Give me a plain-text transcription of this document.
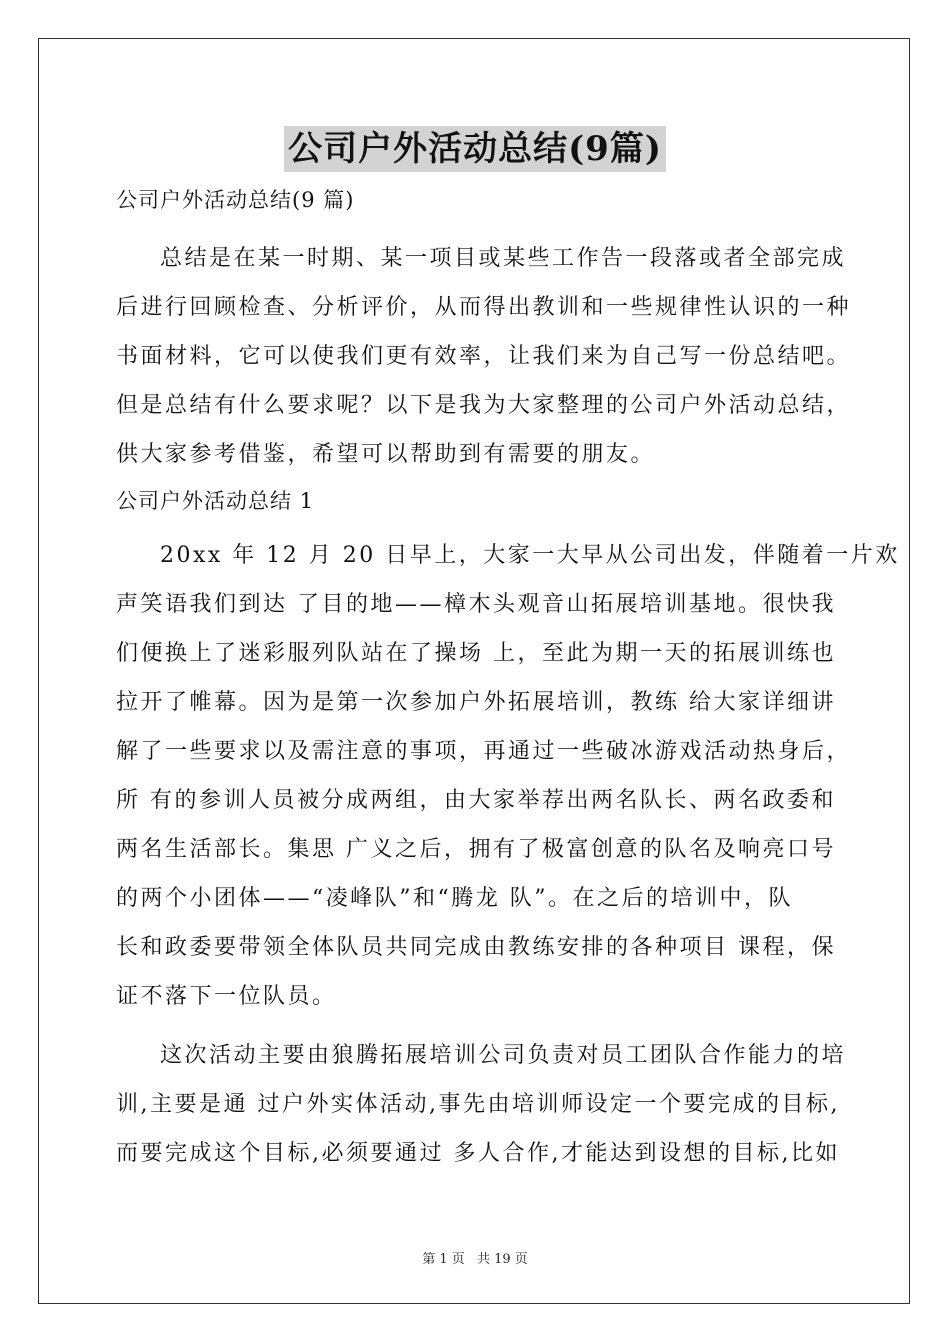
公司户外活动总结(9篇)
公司户外活动总结(9 篇)
总结是在某一时期、某一项目或某些工作告一段落或者全部完成
后进行回顾检查、分析评价，从而得出教训和一些规律性认识的一种
书面材料，它可以使我们更有效率，让我们来为自己写一份总结吧。
但是总结有什么要求呢？以下是我为大家整理的公司户外活动总结，
供大家参考借鉴，希望可以帮助到有需要的朋友。
公司户外活动总结 1
20xx 年 12 月 20 日早上，大家一大早从公司出发，伴随着一片欢
声笑语我们到达 了目的地——樟木头观音山拓展培训基地。很快我
们便换上了迷彩服列队站在了操场 上，至此为期一天的拓展训练也
拉开了帷幕。因为是第一次参加户外拓展培训，教练 给大家详细讲
解了一些要求以及需注意的事项，再通过一些破冰游戏活动热身后，
所 有的参训人员被分成两组，由大家举荐出两名队长、两名政委和
两名生活部长。集思 广义之后，拥有了极富创意的队名及响亮口号
的两个小团体——“凌峰队”和“腾龙 队”。在之后的培训中，队
长和政委要带领全体队员共同完成由教练安排的各种项目 课程，保
证不落下一位队员。
这次活动主要由狼腾拓展培训公司负责对员工团队合作能力的培
训,主要是通 过户外实体活动,事先由培训师设定一个要完成的目标,
而要完成这个目标,必须要通过 多人合作,才能达到设想的目标,比如
第 1 页 共 19 页
